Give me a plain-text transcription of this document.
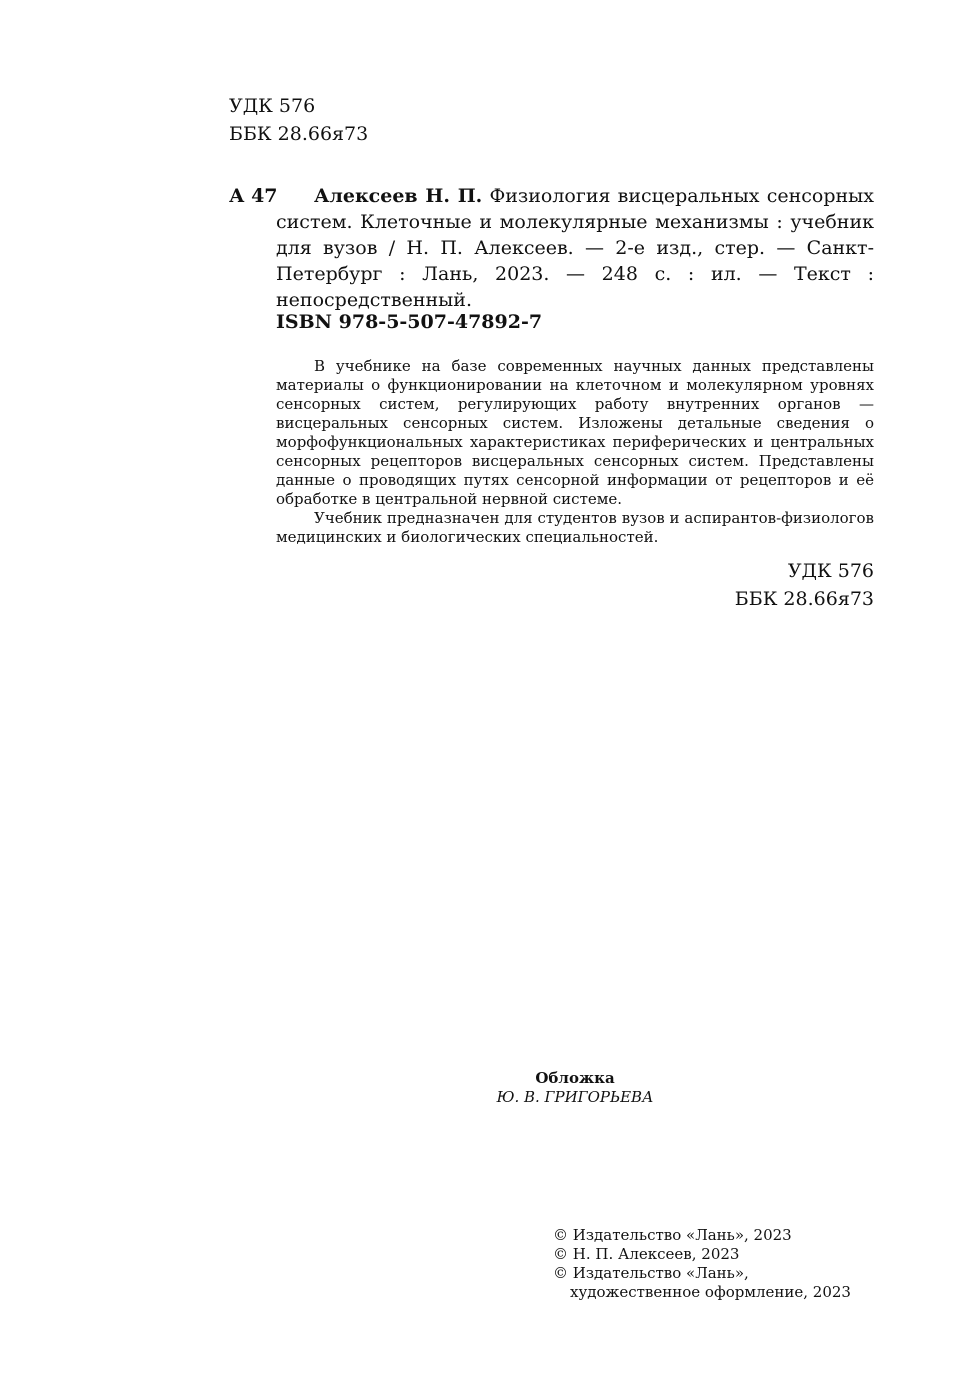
УДК 576
ББК 28.66я73
А 47	Алексеев Н. П. Физиология висцеральных сенсорных систем. Клеточные и молекулярные механизмы : учебник для вузов / Н. П. Алексеев. — 2-е изд., стер. — Санкт-Петербург : Лань, 2023. — 248 с. : ил. — Текст : непосредственный.
ISBN 978-5-507-47892-7

В учебнике на базе современных научных данных представлены материалы о функционировании на клеточном и молекулярном уровнях сенсорных систем, регулирующих работу внутренних органов — висцеральных сенсорных систем. Изложены детальные сведения о морфофункциональных характеристиках периферических и центральных сенсорных рецепторов висцеральных сенсорных систем. Представлены данные о проводящих путях сенсорной информации от рецепторов и её обработке в центральной нервной системе.

Учебник предназначен для студентов вузов и аспирантов-физиологов медицинских и биологических специальностей.

УДК 576
ББК 28.66я73
Обложка
Ю. В. ГРИГОРЬЕВА
© Издательство «Лань», 2023
© Н. П. Алексеев, 2023
© Издательство «Лань»,
художественное оформление, 2023
